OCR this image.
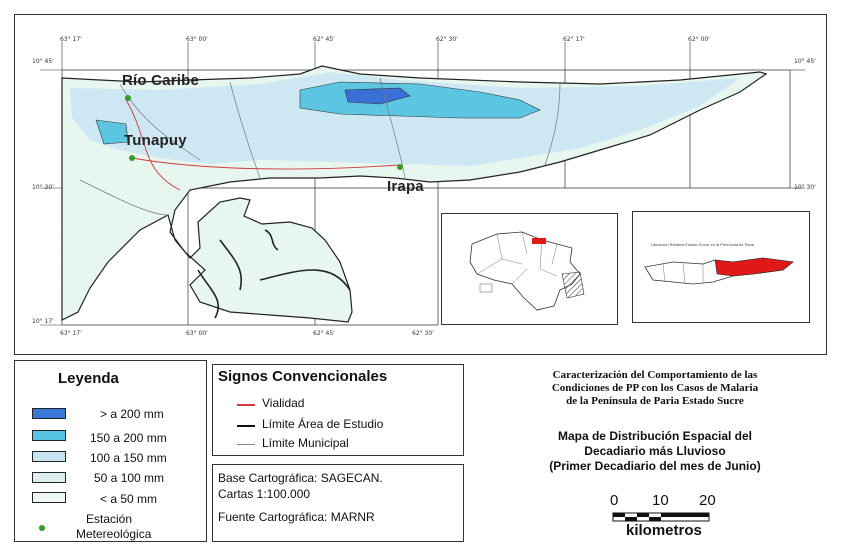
63° 17'	63° 00'	62° 45'	62° 30'	62° 17'	62° 00'
63° 17'	63° 00'	62° 45'	62° 30'
10° 45'
10° 30'
10° 17'
10° 45'
10° 30'
Río Caribe
Tunapuy
Irapa
Ubicación Relativa Estado Sucre en la Península de Paria
Leyenda
> a 200 mm
150 a 200 mm
100 a 150 mm
50 a 100 mm
< a 50 mm
Estación
Metereológica
Signos Convencionales
Vialidad
Límite Área de Estudio
Límite Municipal
Base Cartográfica: SAGECAN.
Cartas 1:100.000
Fuente Cartográfica: MARNR
Caracterización del Comportamiento de las
Condiciones de PP con los Casos de Malaria
de la Península de Paria Estado Sucre
Mapa de Distribución Espacial del
Decadiario más Lluvioso
(Primer Decadiario del mes de Junio)
0 10 20
kilometros
